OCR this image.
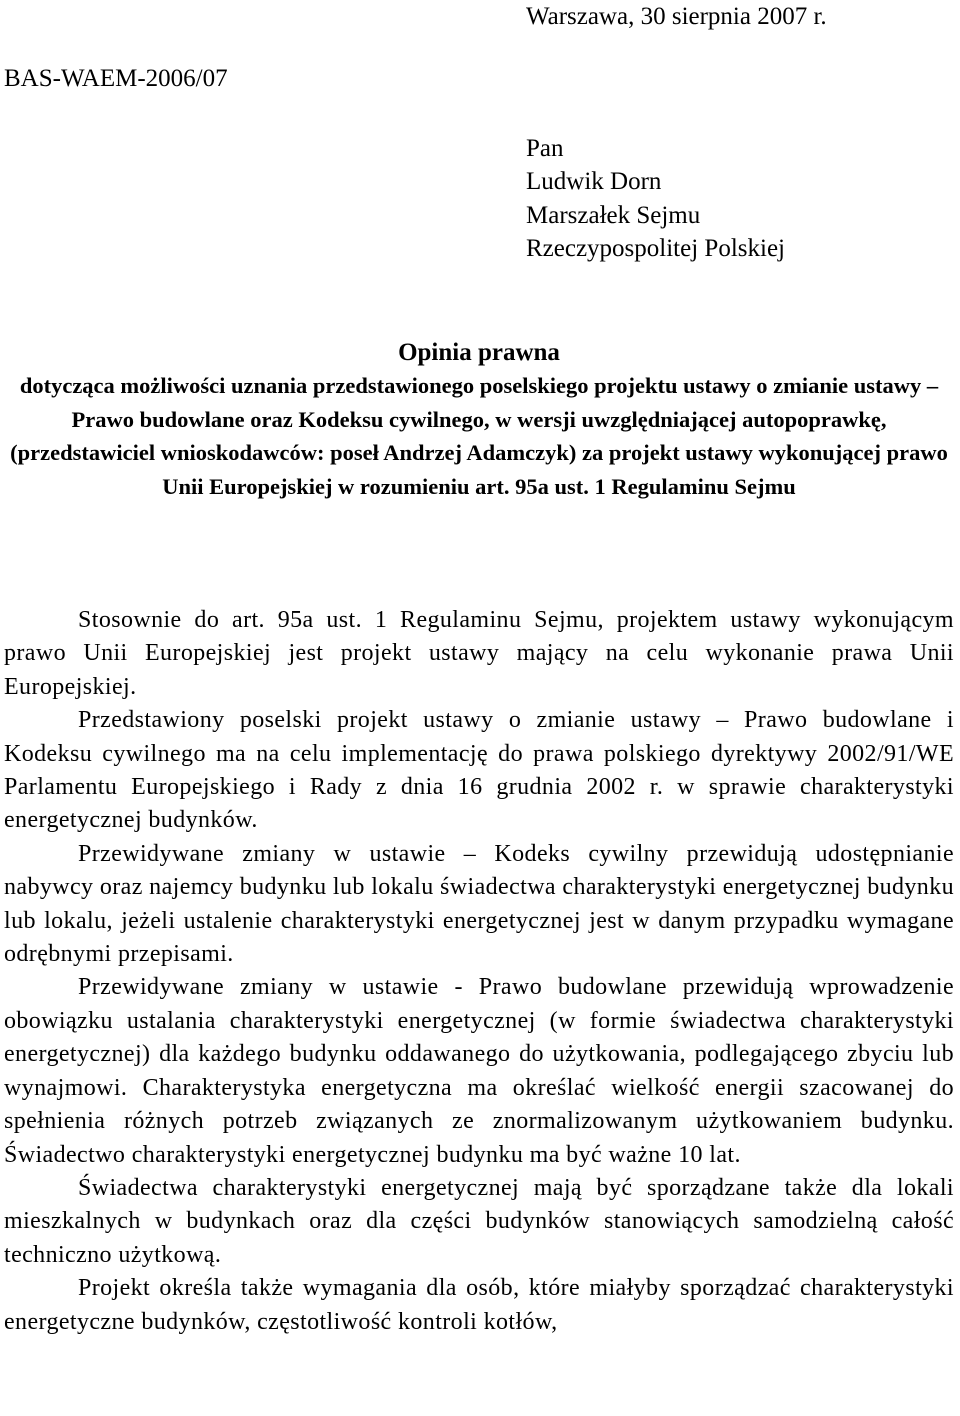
Warszawa, 30 sierpnia 2007 r.
BAS-WAEM-2006/07
Pan
Ludwik Dorn
Marszałek Sejmu
Rzeczypospolitej Polskiej
Opinia prawna
dotycząca możliwości uznania przedstawionego poselskiego projektu ustawy o zmianie ustawy – Prawo budowlane oraz Kodeksu cywilnego, w wersji uwzględniającej autopoprawkę, (przedstawiciel wnioskodawców: poseł Andrzej Adamczyk) za projekt ustawy wykonującej prawo Unii Europejskiej w rozumieniu art. 95a ust. 1 Regulaminu Sejmu

Stosownie do art. 95a ust. 1 Regulaminu Sejmu, projektem ustawy wykonującym prawo Unii Europejskiej jest projekt ustawy mający na celu wykonanie prawa Unii Europejskiej.

Przedstawiony poselski projekt ustawy o zmianie ustawy – Prawo budowlane i Kodeksu cywilnego ma na celu implementację do prawa polskiego dyrektywy 2002/91/WE Parlamentu Europejskiego i Rady z dnia 16 grudnia 2002 r. w sprawie charakterystyki energetycznej budynków.

Przewidywane zmiany w ustawie – Kodeks cywilny przewidują udostępnianie nabywcy oraz najemcy budynku lub lokalu świadectwa charakterystyki energetycznej budynku lub lokalu, jeżeli ustalenie charakterystyki energetycznej jest w danym przypadku wymagane odrębnymi przepisami.

Przewidywane zmiany w ustawie - Prawo budowlane przewidują wprowadzenie obowiązku ustalania charakterystyki energetycznej (w formie świadectwa charakterystyki energetycznej) dla każdego budynku oddawanego do użytkowania, podlegającego zbyciu lub wynajmowi. Charakterystyka energetyczna ma określać wielkość energii szacowanej do spełnienia różnych potrzeb związanych ze znormalizowanym użytkowaniem budynku. Świadectwo charakterystyki energetycznej budynku ma być ważne 10 lat.

Świadectwa charakterystyki energetycznej mają być sporządzane także dla lokali mieszkalnych w budynkach oraz dla części budynków stanowiących samodzielną całość techniczno użytkową.

Projekt określa także wymagania dla osób, które miałyby sporządzać charakterystyki energetyczne budynków, częstotliwość kontroli kotłów,
